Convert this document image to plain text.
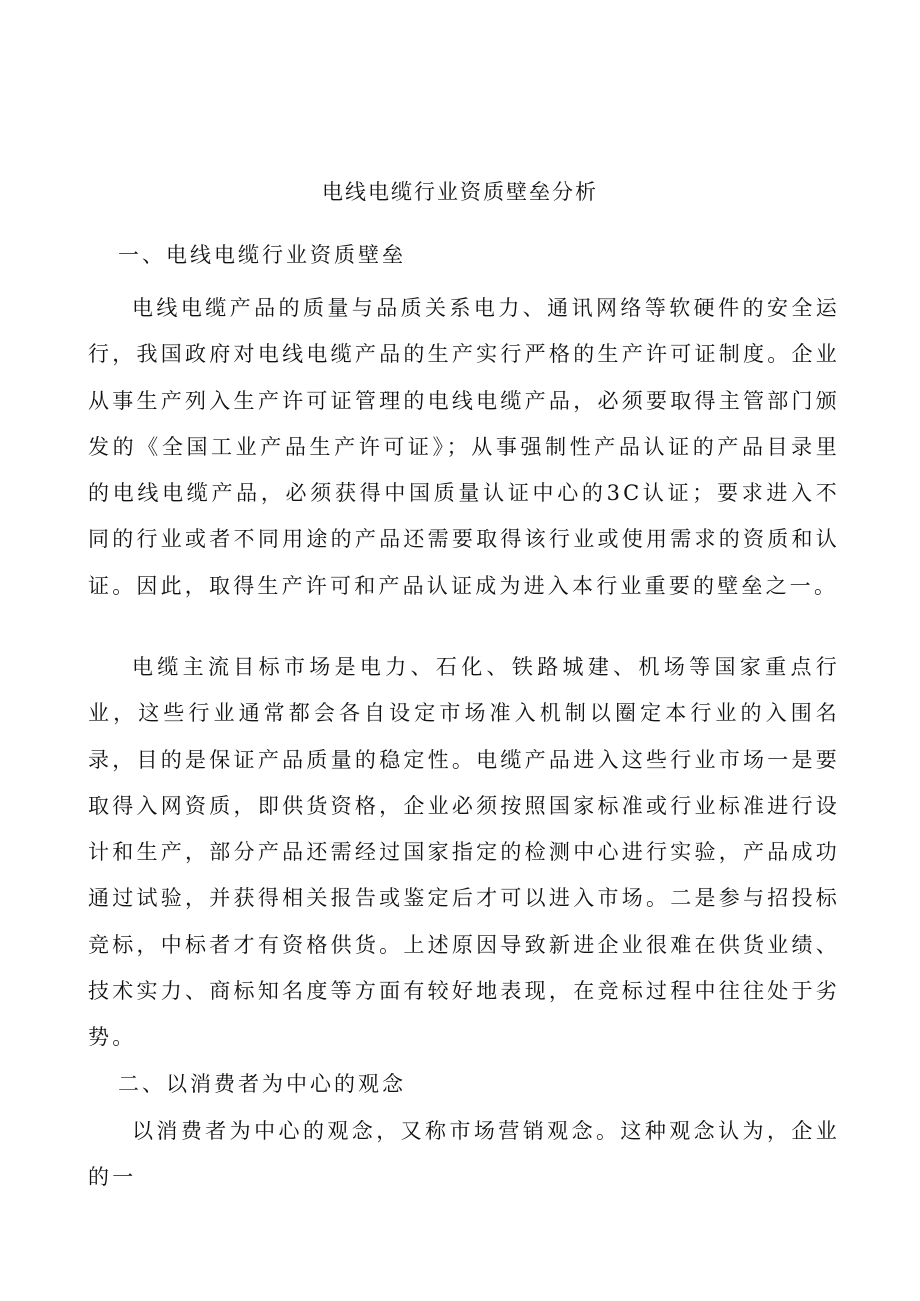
电线电缆行业资质壁垒分析
一、电线电缆行业资质壁垒

电线电缆产品的质量与品质关系电力、通讯网络等软硬件的安全运行，我国政府对电线电缆产品的生产实行严格的生产许可证制度。企业从事生产列入生产许可证管理的电线电缆产品，必须要取得主管部门颁发的《全国工业产品生产许可证》；从事强制性产品认证的产品目录里的电线电缆产品，必须获得中国质量认证中心的3C认证；要求进入不同的行业或者不同用途的产品还需要取得该行业或使用需求的资质和认证。因此，取得生产许可和产品认证成为进入本行业重要的壁垒之一。

电缆主流目标市场是电力、石化、铁路城建、机场等国家重点行业，这些行业通常都会各自设定市场准入机制以圈定本行业的入围名录，目的是保证产品质量的稳定性。电缆产品进入这些行业市场一是要取得入网资质，即供货资格，企业必须按照国家标准或行业标准进行设计和生产，部分产品还需经过国家指定的检测中心进行实验，产品成功通过试验，并获得相关报告或鉴定后才可以进入市场。二是参与招投标竞标，中标者才有资格供货。上述原因导致新进企业很难在供货业绩、技术实力、商标知名度等方面有较好地表现，在竞标过程中往往处于劣势。

二、以消费者为中心的观念

以消费者为中心的观念，又称市场营销观念。这种观念认为，企业的一
